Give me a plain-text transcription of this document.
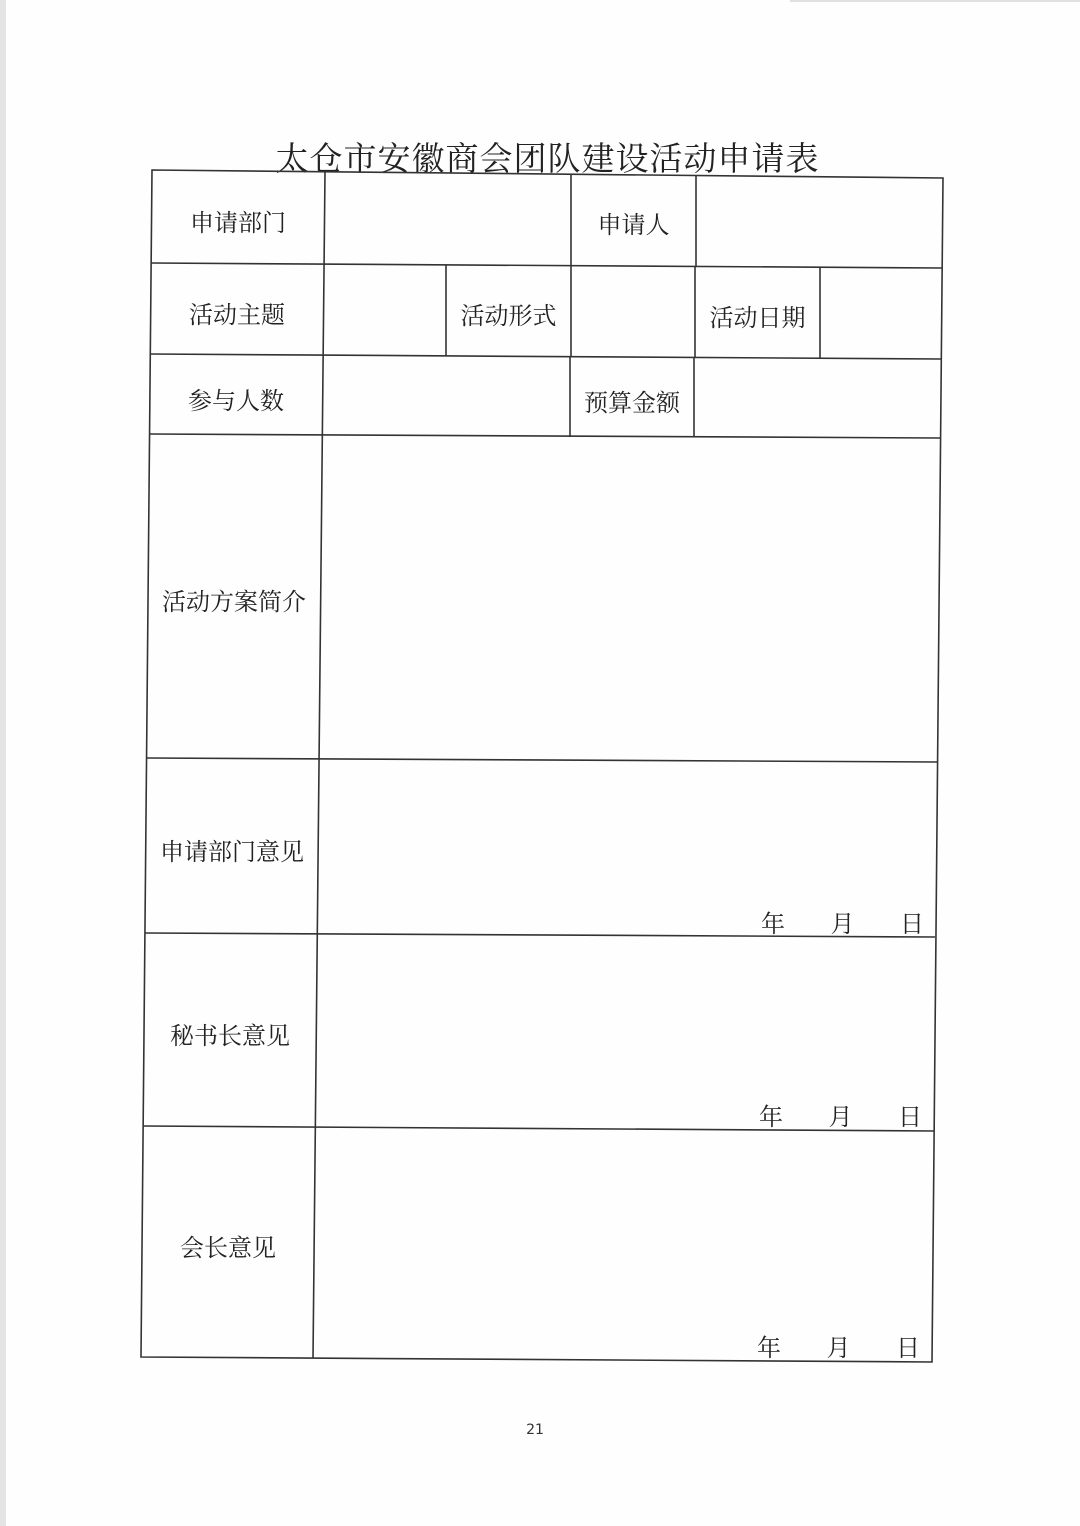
太仓市安徽商会团队建设活动申请表
申请部门	申请人
活动主题	活动形式	活动日期
参与人数	预算金额
活动方案简介
申请部门意见
年 月 日
秘书长意见
年 月 日
会长意见
年 月 日
21
